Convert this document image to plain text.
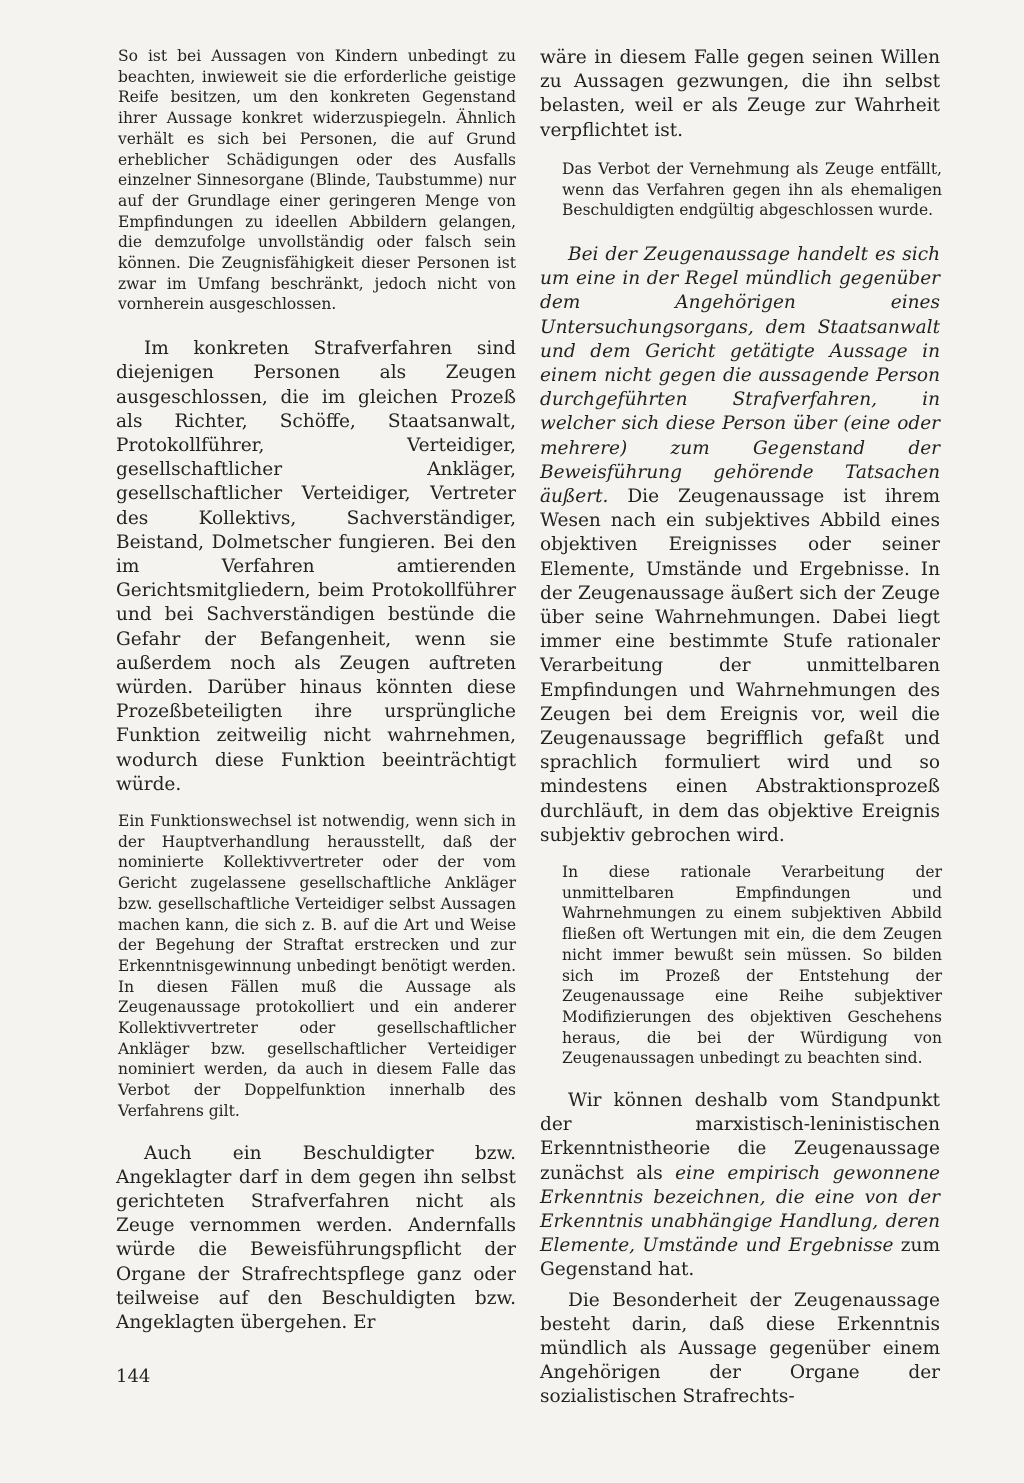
So ist bei Aussagen von Kindern unbedingt zu beachten, inwieweit sie die erforderliche geistige Reife besitzen, um den konkreten Gegenstand ihrer Aussage konkret widerzuspiegeln. Ähnlich verhält es sich bei Personen, die auf Grund erheblicher Schädigungen oder des Ausfalls einzelner Sinnesorgane (Blinde, Taubstumme) nur auf der Grundlage einer geringeren Menge von Empfindungen zu ideellen Abbildern gelangen, die demzufolge unvollständig oder falsch sein können. Die Zeugnisfähigkeit dieser Personen ist zwar im Umfang beschränkt, jedoch nicht von vornherein ausgeschlossen.

Im konkreten Strafverfahren sind diejenigen Personen als Zeugen ausgeschlossen, die im gleichen Prozeß als Richter, Schöffe, Staatsanwalt, Protokollführer, Verteidiger, gesellschaftlicher Ankläger, gesellschaftlicher Verteidiger, Vertreter des Kollektivs, Sachverständiger, Beistand, Dolmetscher fungieren. Bei den im Verfahren amtierenden Gerichtsmitgliedern, beim Protokollführer und bei Sachverständigen bestünde die Gefahr der Befangenheit, wenn sie außerdem noch als Zeugen auftreten würden. Darüber hinaus könnten diese Prozeßbeteiligten ihre ursprüngliche Funktion zeitweilig nicht wahrnehmen, wodurch diese Funktion beeinträchtigt würde.

Ein Funktionswechsel ist notwendig, wenn sich in der Hauptverhandlung herausstellt, daß der nominierte Kollektivvertreter oder der vom Gericht zugelassene gesellschaftliche Ankläger bzw. gesellschaftliche Verteidiger selbst Aussagen machen kann, die sich z. B. auf die Art und Weise der Begehung der Straftat erstrecken und zur Erkenntnisgewinnung unbedingt benötigt werden. In diesen Fällen muß die Aussage als Zeugenaussage protokolliert und ein anderer Kollektivvertreter oder gesellschaftlicher Ankläger bzw. gesellschaftlicher Verteidiger nominiert werden, da auch in diesem Falle das Verbot der Doppelfunktion innerhalb des Verfahrens gilt.

Auch ein Beschuldigter bzw. Angeklagter darf in dem gegen ihn selbst gerichteten Strafverfahren nicht als Zeuge vernommen werden. Andernfalls würde die Beweisführungspflicht der Organe der Strafrechtspflege ganz oder teilweise auf den Beschuldigten bzw. Angeklagten übergehen. Er

wäre in diesem Falle gegen seinen Willen zu Aussagen gezwungen, die ihn selbst belasten, weil er als Zeuge zur Wahrheit verpflichtet ist.

Das Verbot der Vernehmung als Zeuge entfällt, wenn das Verfahren gegen ihn als ehemaligen Beschuldigten endgültig abgeschlossen wurde.

Bei der Zeugenaussage handelt es sich um eine in der Regel mündlich gegenüber dem Angehörigen eines Untersuchungsorgans, dem Staatsanwalt und dem Gericht getätigte Aussage in einem nicht gegen die aussagende Person durchgeführten Strafverfahren, in welcher sich diese Person über (eine oder mehrere) zum Gegenstand der Beweisführung gehörende Tatsachen äußert. Die Zeugenaussage ist ihrem Wesen nach ein subjektives Abbild eines objektiven Ereignisses oder seiner Elemente, Umstände und Ergebnisse. In der Zeugenaussage äußert sich der Zeuge über seine Wahrnehmungen. Dabei liegt immer eine bestimmte Stufe rationaler Verarbeitung der unmittelbaren Empfindungen und Wahrnehmungen des Zeugen bei dem Ereignis vor, weil die Zeugenaussage begrifflich gefaßt und sprachlich formuliert wird und so mindestens einen Abstraktionsprozeß durchläuft, in dem das objektive Ereignis subjektiv gebrochen wird.

In diese rationale Verarbeitung der unmittelbaren Empfindungen und Wahrnehmungen zu einem subjektiven Abbild fließen oft Wertungen mit ein, die dem Zeugen nicht immer bewußt sein müssen. So bilden sich im Prozeß der Entstehung der Zeugenaussage eine Reihe subjektiver Modifizierungen des objektiven Geschehens heraus, die bei der Würdigung von Zeugenaussagen unbedingt zu beachten sind.

Wir können deshalb vom Standpunkt der marxistisch-leninistischen Erkenntnistheorie die Zeugenaussage zunächst als eine empirisch gewonnene Erkenntnis bezeichnen, die eine von der Erkenntnis unabhängige Handlung, deren Elemente, Umstände und Ergebnisse zum Gegenstand hat.

Die Besonderheit der Zeugenaussage besteht darin, daß diese Erkenntnis mündlich als Aussage gegenüber einem Angehörigen der Organe der sozialistischen Strafrechts-

144
